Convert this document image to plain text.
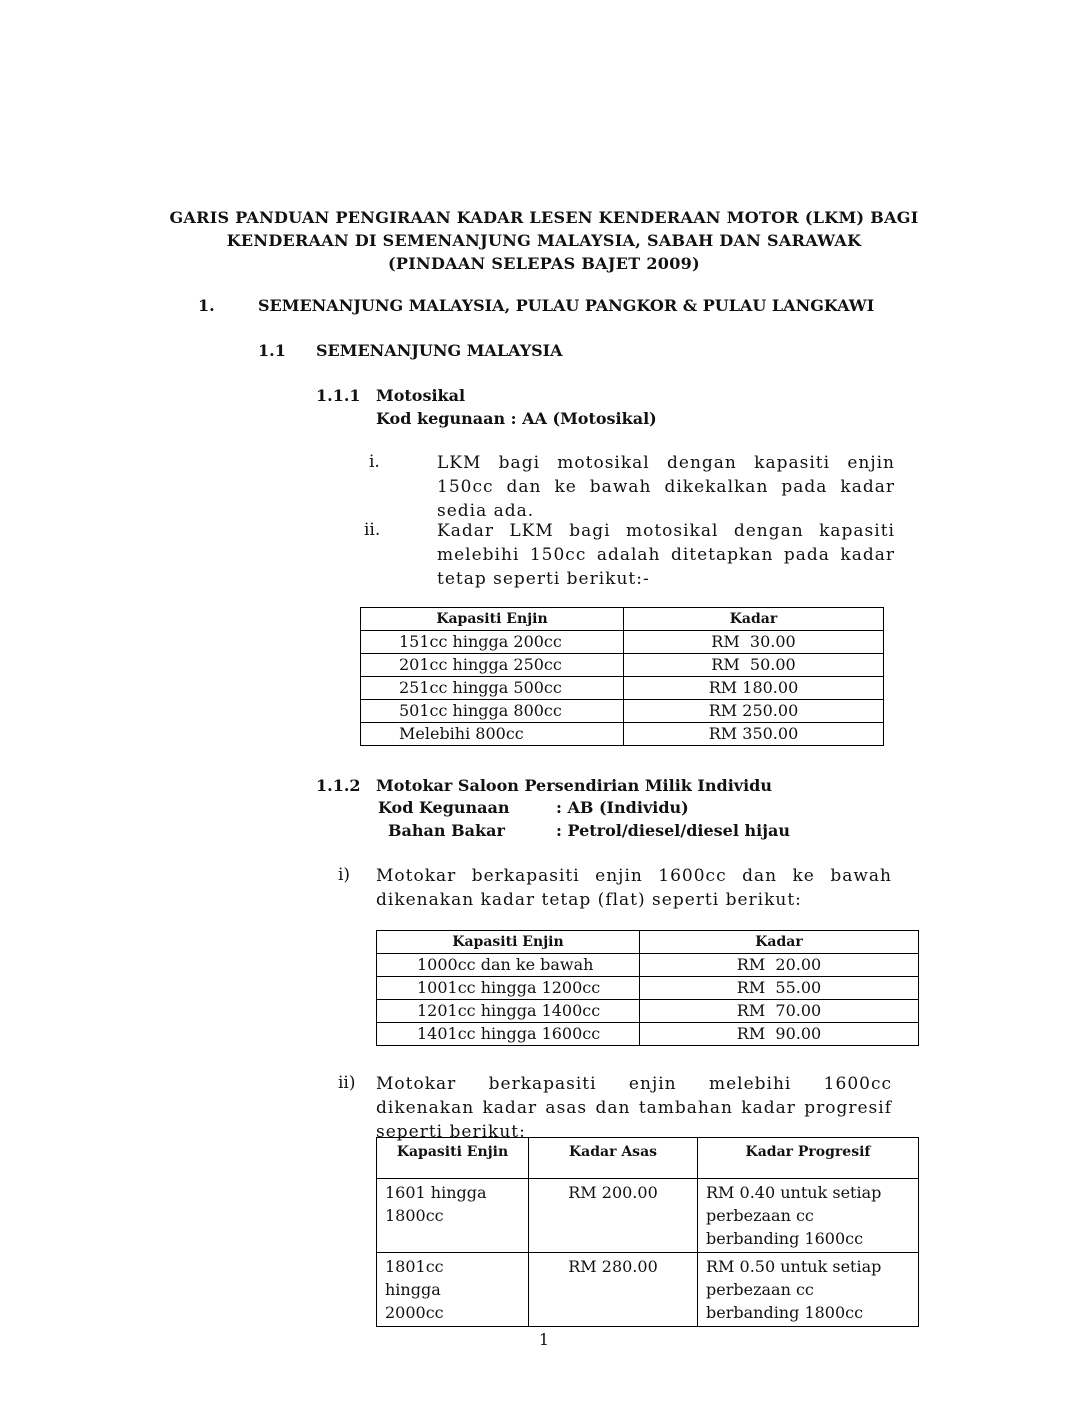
GARIS PANDUAN PENGIRAAN KADAR LESEN KENDERAAN MOTOR (LKM) BAGI
KENDERAAN DI SEMENANJUNG MALAYSIA, SABAH DAN SARAWAK
(PINDAAN SELEPAS BAJET 2009)
1.	SEMENANJUNG MALAYSIA, PULAU PANGKOR & PULAU LANGKAWI
1.1 SEMENANJUNG MALAYSIA
1.1.1 Motosikal
Kod kegunaan : AA (Motosikal)
i.	LKM bagi motosikal dengan kapasiti enjin 150cc dan ke bawah dikekalkan pada kadar sedia ada.
ii.	Kadar LKM bagi motosikal dengan kapasiti melebihi 150cc adalah ditetapkan pada kadar tetap seperti berikut:-
Kapasiti Enjin	Kadar
151cc hingga 200cc	RM  30.00
201cc hingga 250cc	RM  50.00
251cc hingga 500cc	RM 180.00
501cc hingga 800cc	RM 250.00
Melebihi 800cc	RM 350.00
1.1.2 Motokar Saloon Persendirian Milik Individu
Kod Kegunaan	: AB (Individu)
Bahan Bakar	: Petrol/diesel/diesel hijau
i) Motokar berkapasiti enjin 1600cc dan ke bawah dikenakan kadar tetap (flat) seperti berikut:
Kapasiti Enjin	Kadar
1000cc dan ke bawah	RM  20.00
1001cc hingga 1200cc	RM  55.00
1201cc hingga 1400cc	RM  70.00
1401cc hingga 1600cc	RM  90.00
ii) Motokar berkapasiti enjin melebihi 1600cc dikenakan kadar asas dan tambahan kadar progresif seperti berikut:
Kapasiti Enjin	Kadar Asas	Kadar Progresif
1601 hingga 1800cc	RM 200.00	RM 0.40 untuk setiap perbezaan cc berbanding 1600cc
1801cc hingga 2000cc	RM 280.00	RM 0.50 untuk setiap perbezaan cc berbanding 1800cc
1
